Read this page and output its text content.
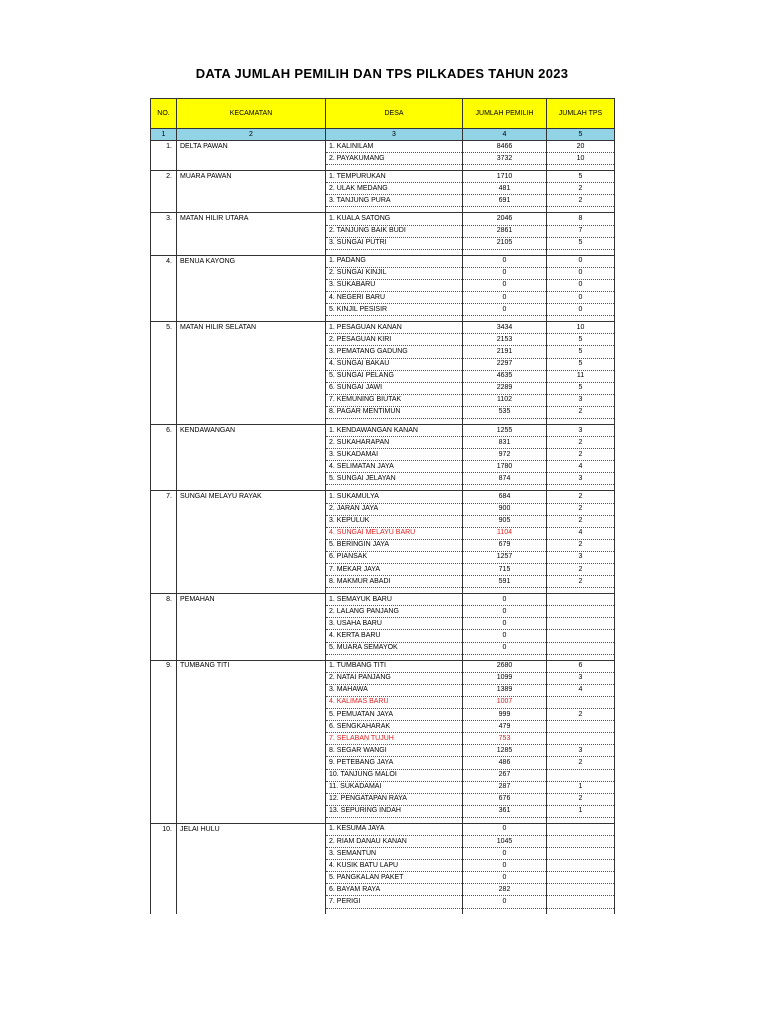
DATA JUMLAH PEMILIH DAN TPS PILKADES TAHUN 2023
NO.	KECAMATAN	DESA	JUMLAH PEMILIH	JUMLAH TPS
1	2	3	4	5
1.	DELTA PAWAN	1. KALINILAM	8466	20
		2. PAYAKUMANG	3732	10

2.	MUARA PAWAN	1. TEMPURUKAN	1710	5
		2. ULAK MEDANG	481	2
		3. TANJUNG PURA	691	2

3.	MATAN HILIR UTARA	1. KUALA SATONG	2046	8
		2. TANJUNG BAIK BUDI	2861	7
		3. SUNGAI PUTRI	2105	5

4.	BENUA KAYONG	1. PADANG	0	0
		2. SUNGAI KINJIL	0	0
		3. SUKABARU	0	0
		4. NEGERI BARU	0	0
		5. KINJIL PESISIR	0	0

5.	MATAN HILIR SELATAN	1. PESAGUAN KANAN	3434	10
		2. PESAGUAN KIRI	2153	5
		3. PEMATANG GADUNG	2191	5
		4. SUNGAI BAKAU	2297	5
		5. SUNGAI PELANG	4635	11
		6. SUNGAI JAWI	2289	5
		7. KEMUNING BIUTAK	1102	3
		8. PAGAR MENTIMUN	535	2

6.	KENDAWANGAN	1. KENDAWANGAN KANAN	1255	3
		2. SUKAHARAPAN	831	2
		3. SUKADAMAI	972	2
		4. SELIMATAN JAYA	1780	4
		5. SUNGAI JELAYAN	874	3

7.	SUNGAI MELAYU RAYAK	1. SUKAMULYA	684	2
		2. JARAN JAYA	900	2
		3. KEPULUK	905	2
		4. SUNGAI MELAYU BARU	1104	4
		5. BERINGIN JAYA	679	2
		6. PIANSAK	1257	3
		7. MEKAR JAYA	715	2
		8. MAKMUR ABADI	591	2

8.	PEMAHAN	1. SEMAYUK BARU	0	
		2. LALANG PANJANG	0	
		3. USAHA BARU	0	
		4. KERTA BARU	0	
		5. MUARA SEMAYOK	0	

9.	TUMBANG TITI	1. TUMBANG TITI	2680	6
		2. NATAI PANJANG	1099	3
		3. MAHAWA	1389	4
		4. KALIMAS BARU	1007	
		5. PEMUATAN JAYA	999	2
		6. SENGKAHARAK	479	
		7. SELABAN TUJUH	753	
		8. SEGAR WANGI	1285	3
		9. PETEBANG JAYA	486	2
		10. TANJUNG MALOI	267	
		11. SUKADAMAI	287	1
		12. PENGATAPAN RAYA	676	2
		13. SEPURING INDAH	361	1

10.	JELAI HULU	1. KESUMA JAYA	0	
		2. RIAM DANAU KANAN	1045	
		3. SEMANTUN	0	
		4. KUSIK BATU LAPU	0	
		5. PANGKALAN PAKET	0	
		6. BAYAM RAYA	282	
		7. PERIGI	0	
